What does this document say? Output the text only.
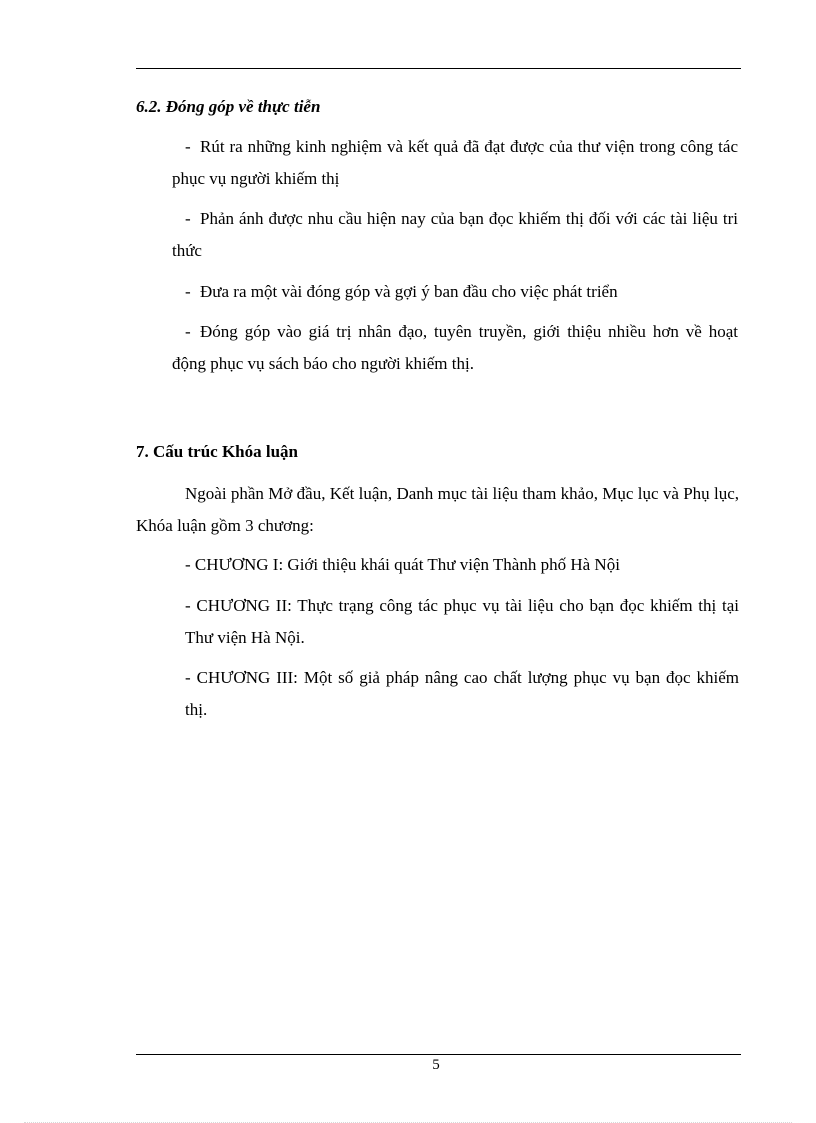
6.2. Đóng góp về thực tiễn
- Rút ra những kinh nghiệm và kết quả đã đạt được của thư viện trong công tác phục vụ người khiếm thị
- Phản ánh được nhu cầu hiện nay của bạn đọc khiếm thị đối với các tài liệu tri thức
- Đưa ra một vài đóng góp và gợi ý ban đầu cho việc phát triển
- Đóng góp vào giá trị nhân đạo, tuyên truyền, giới thiệu nhiều hơn về hoạt động phục vụ sách báo cho người khiếm thị.
7. Cấu trúc Khóa luận
Ngoài phần Mở đầu, Kết luận, Danh mục tài liệu tham khảo, Mục lục và Phụ lục, Khóa luận gồm 3 chương:
- CHƯƠNG I: Giới thiệu khái quát Thư viện Thành phố Hà Nội
- CHƯƠNG II: Thực trạng công tác phục vụ tài liệu cho bạn đọc khiếm thị tại Thư viện Hà Nội.
- CHƯƠNG III: Một số giả pháp nâng cao chất lượng phục vụ bạn đọc khiếm thị.
5
